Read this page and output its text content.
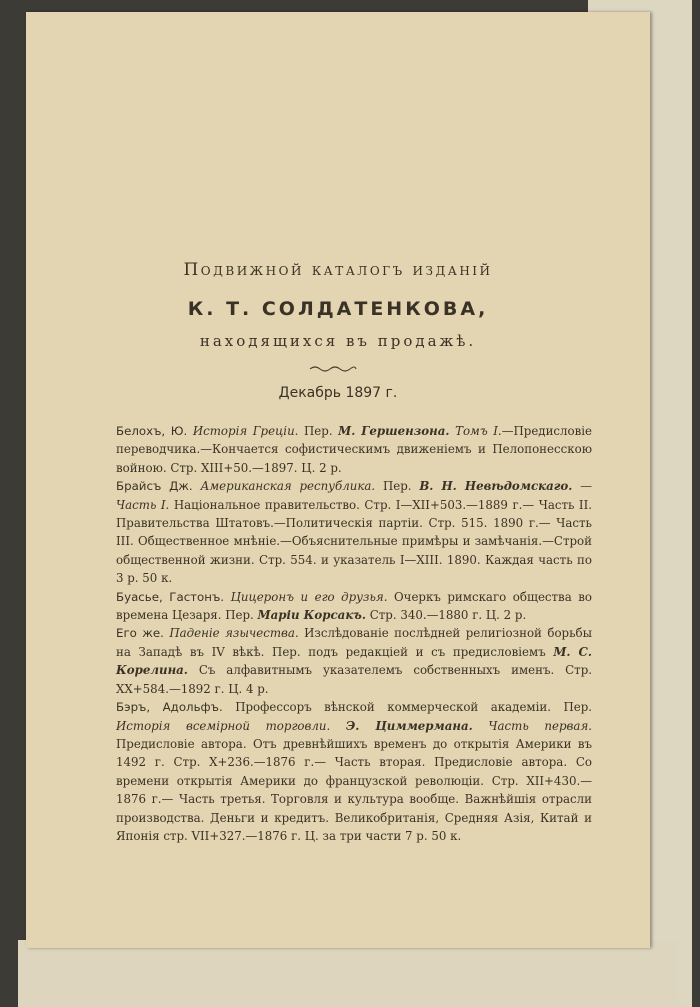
Подвижной каталогъ изданій
К. Т. СОЛДАТЕНКОВА,
находящихся въ продажѣ.
Декабрь 1897 г.

Белохъ, Ю. Исторія Греціи. Пер. М. Гершензона. Томъ I.—Предисловіе переводчика.—Кончается софистическимъ движеніемъ и Пелопонесскою войною. Стр. XIII+50.—1897. Ц. 2 р.

Брайсъ Дж. Американская республика. Пер. В. Н. Невѣдомскаго. —Часть I. Національное правительство. Стр. I—XII+503.—1889 г.— Часть II. Правительства Штатовъ.—Политическія партіи. Стр. 515. 1890 г.— Часть III. Общественное мнѣніе.—Объяснительные примѣры и замѣчанія.—Строй общественной жизни. Стр. 554. и указатель I—XIII. 1890. Каждая часть по 3 р. 50 к.

Буасье, Гастонъ. Цицеронъ и его друзья. Очеркъ римскаго общества во времена Цезаря. Пер. Маріи Корсакъ. Стр. 340.—1880 г. Ц. 2 р.

Его же. Паденіе язычества. Изслѣдованіе послѣдней религіозной борьбы на Западѣ въ IV вѣкѣ. Пер. подъ редакціей и съ предисловіемъ М. С. Корелина. Съ алфавитнымъ указателемъ собственныхъ именъ. Стр. XX+584.—1892 г. Ц. 4 р.

Бэръ, Адольфъ. Профессоръ вѣнской коммерческой академіи. Пер. Исторія всемірной торговли. Э. Циммермана. Часть первая. Предисловіе автора. Отъ древнѣйшихъ временъ до открытія Америки въ 1492 г. Стр. X+236.—1876 г.— Часть вторая. Предисловіе автора. Со времени открытія Америки до французской революціи. Стр. XII+430.—1876 г.— Часть третья. Торговля и культура вообще. Важнѣйшія отрасли производства. Деньги и кредитъ. Великобританія, Средняя Азія, Китай и Японія стр. VII+327.—1876 г. Ц. за три части 7 р. 50 к.
